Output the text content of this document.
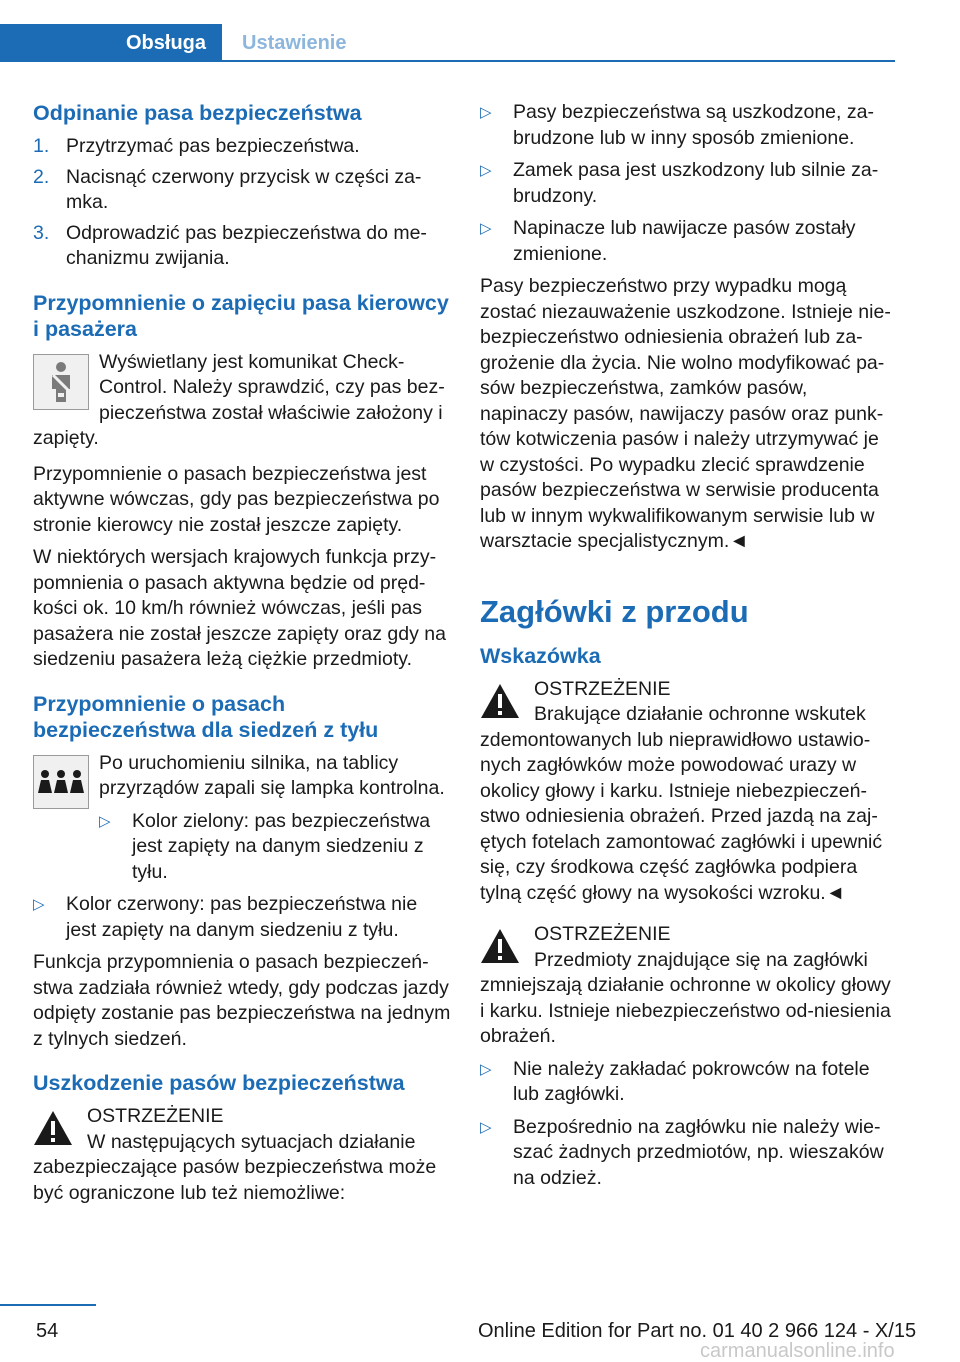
Obsługa	Ustawienie
Odpinanie pasa bezpieczeństwa
1. Przytrzymać pas bezpieczeństwa.
2. Nacisnąć czerwony przycisk w części za-mka.
3. Odprowadzić pas bezpieczeństwa do me-chanizmu zwijania.
Przypomnienie o zapięciu pasa kierowcy i pasażera
Wyświetlany jest komunikat Check-Control. Należy sprawdzić, czy pas bez-pieczeństwa został właściwie założony i zapięty.
Przypomnienie o pasach bezpieczeństwa jest aktywne wówczas, gdy pas bezpieczeństwa po stronie kierowcy nie został jeszcze zapięty.
W niektórych wersjach krajowych funkcja przy-pomnienia o pasach aktywna będzie od pręd-kości ok. 10 km/h również wówczas, jeśli pas pasażera nie został jeszcze zapięty oraz gdy na siedzeniu pasażera leżą ciężkie przedmioty.
Przypomnienie o pasach bezpieczeństwa dla siedzeń z tyłu
Po uruchomieniu silnika, na tablicy przyrządów zapali się lampka kontrolna.
▷	Kolor zielony: pas bezpieczeństwa jest zapięty na danym siedzeniu z tyłu.
▷	Kolor czerwony: pas bezpieczeństwa nie jest zapięty na danym siedzeniu z tyłu.
Funkcja przypomnienia o pasach bezpieczeń-stwa zadziała również wtedy, gdy podczas jazdy odpięty zostanie pas bezpieczeństwa na jednym z tylnych siedzeń.
Uszkodzenie pasów bezpieczeństwa
OSTRZEŻENIE
W następujących sytuacjach działanie zabezpieczające pasów bezpieczeństwa może być ograniczone lub też niemożliwe:
▷	Pasy bezpieczeństwa są uszkodzone, za-brudzone lub w inny sposób zmienione.
▷	Zamek pasa jest uszkodzony lub silnie za-brudzony.
▷	Napinacze lub nawijacze pasów zostały zmienione.
Pasy bezpieczeństwo przy wypadku mogą zostać niezauważenie uszkodzone. Istnieje nie-bezpieczeństwo odniesienia obrażeń lub za-grożenie dla życia. Nie wolno modyfikować pa-sów bezpieczeństwa, zamków pasów, napinaczy pasów, nawijaczy pasów oraz punk-tów kotwiczenia pasów i należy utrzymywać je w czystości. Po wypadku zlecić sprawdzenie pasów bezpieczeństwa w serwisie producenta lub w innym wykwalifikowanym serwisie lub w warsztacie specjalistycznym.◄
Zagłówki z przodu
Wskazówka
OSTRZEŻENIE
Brakujące działanie ochronne wskutek zdemontowanych lub nieprawidłowo ustawio-nych zagłówków może powodować urazy w okolicy głowy i karku. Istnieje niebezpieczeń-stwo odniesienia obrażeń. Przed jazdą na zaj-ętych fotelach zamontować zagłówki i upewnić się, czy środkowa część zagłówka podpiera tylną część głowy na wysokości wzroku.◄
OSTRZEŻENIE
Przedmioty znajdujące się na zagłówki zmniejszają działanie ochronne w okolicy głowy i karku. Istnieje niebezpieczeństwo od-niesienia obrażeń.
▷	Nie należy zakładać pokrowców na fotele lub zagłówki.
▷	Bezpośrednio na zagłówku nie należy wie-szać żadnych przedmiotów, np. wieszaków na odzież.
54	Online Edition for Part no. 01 40 2 966 124 - X/15
carmanualsonline.info
